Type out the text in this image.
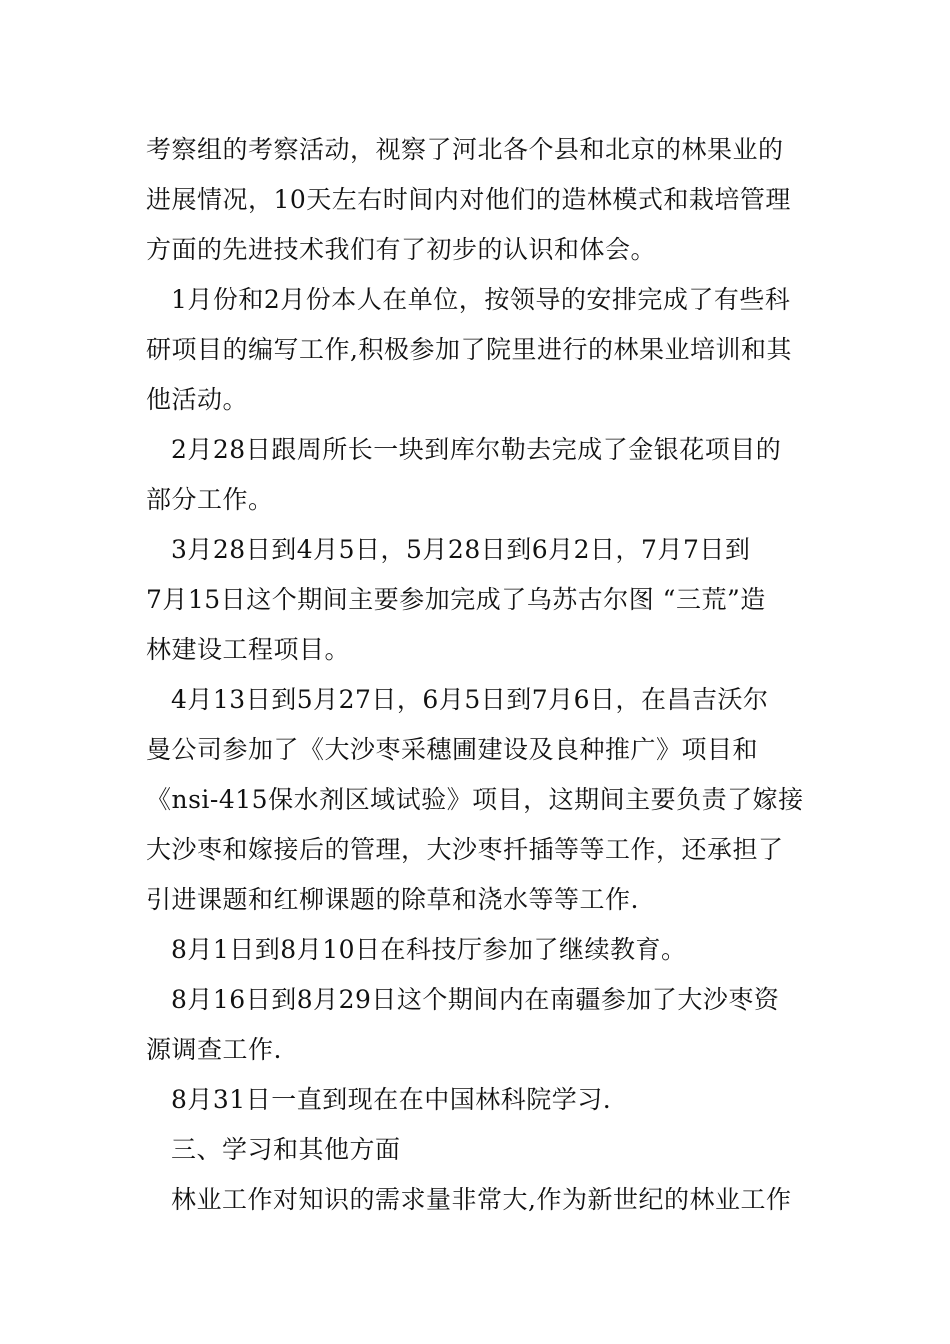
考察组的考察活动，视察了河北各个县和北京的林果业的
进展情况，10天左右时间内对他们的造林模式和栽培管理
方面的先进技术我们有了初步的认识和体会。
1月份和2月份本人在单位，按领导的安排完成了有些科
研项目的编写工作,积极参加了院里进行的林果业培训和其
他活动。
2月28日跟周所长一块到库尔勒去完成了金银花项目的
部分工作。
3月28日到4月5日，5月28日到6月2日，7月7日到
7月15日这个期间主要参加完成了乌苏古尔图 “三荒”造
林建设工程项目。
4月13日到5月27日，6月5日到7月6日，在昌吉沃尔
曼公司参加了《大沙枣采穗圃建设及良种推广》项目和
《nsi-415保水剂区域试验》项目，这期间主要负责了嫁接
大沙枣和嫁接后的管理，大沙枣扦插等等工作，还承担了
引进课题和红柳课题的除草和浇水等等工作.
8月1日到8月10日在科技厅参加了继续教育。
8月16日到8月29日这个期间内在南疆参加了大沙枣资
源调查工作.
8月31日一直到现在在中国林科院学习.
三、学习和其他方面
林业工作对知识的需求量非常大,作为新世纪的林业工作
